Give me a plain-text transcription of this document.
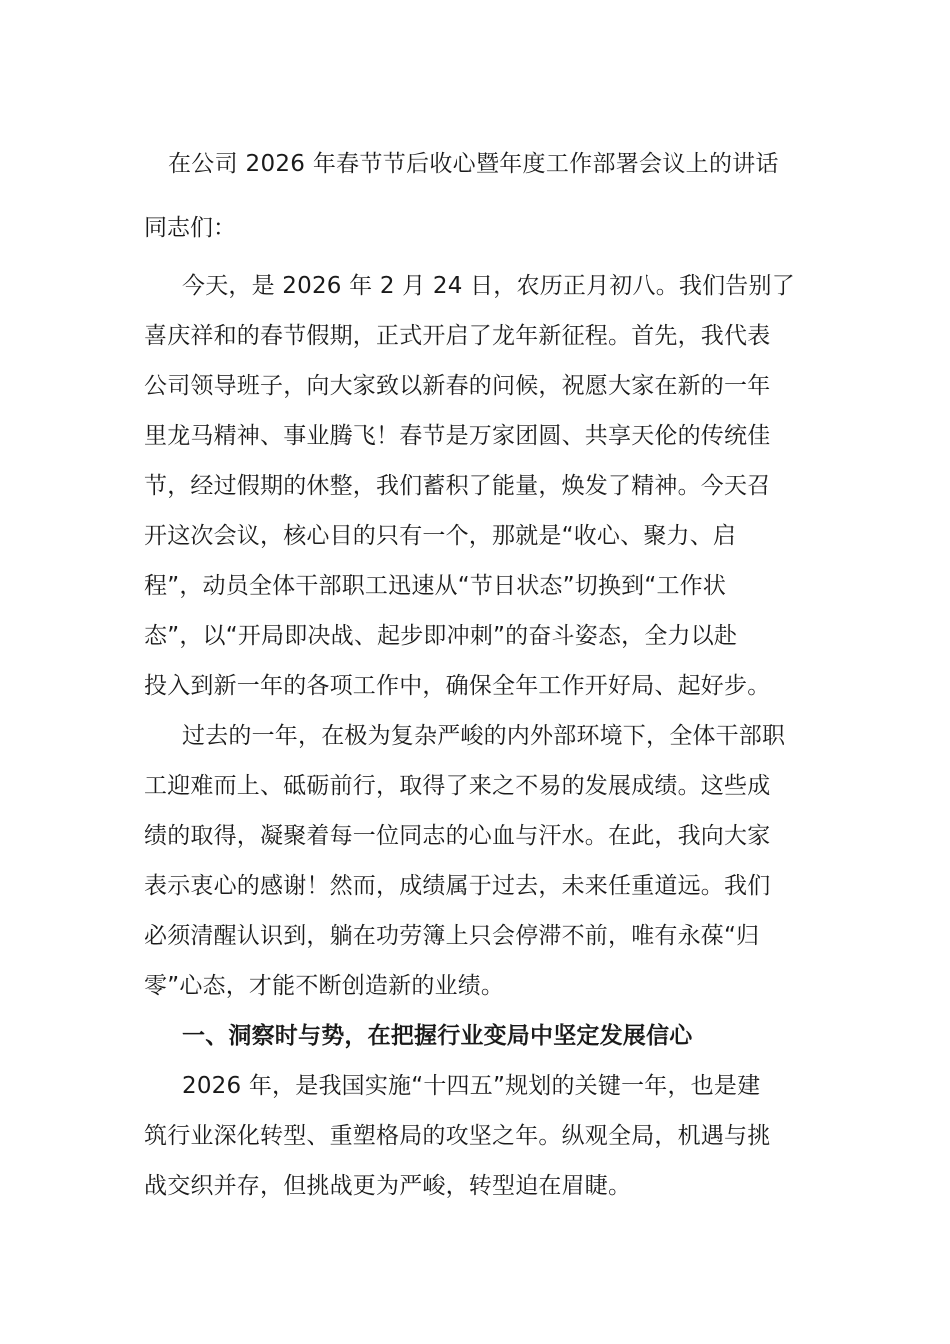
在公司 2026 年春节节后收心暨年度工作部署会议上的讲话
同志们：
今天，是 2026 年 2 月 24 日，农历正月初八。我们告别了
喜庆祥和的春节假期，正式开启了龙年新征程。首先，我代表
公司领导班子，向大家致以新春的问候，祝愿大家在新的一年
里龙马精神、事业腾飞！春节是万家团圆、共享天伦的传统佳
节，经过假期的休整，我们蓄积了能量，焕发了精神。今天召
开这次会议，核心目的只有一个，那就是“收心、聚力、启
程”，动员全体干部职工迅速从“节日状态”切换到“工作状
态”，以“开局即决战、起步即冲刺”的奋斗姿态，全力以赴
投入到新一年的各项工作中，确保全年工作开好局、起好步。
过去的一年，在极为复杂严峻的内外部环境下，全体干部职
工迎难而上、砥砺前行，取得了来之不易的发展成绩。这些成
绩的取得，凝聚着每一位同志的心血与汗水。在此，我向大家
表示衷心的感谢！然而，成绩属于过去，未来任重道远。我们
必须清醒认识到，躺在功劳簿上只会停滞不前，唯有永葆“归
零”心态，才能不断创造新的业绩。
一、洞察时与势，在把握行业变局中坚定发展信心
2026 年，是我国实施“十四五”规划的关键一年，也是建
筑行业深化转型、重塑格局的攻坚之年。纵观全局，机遇与挑
战交织并存，但挑战更为严峻，转型迫在眉睫。
